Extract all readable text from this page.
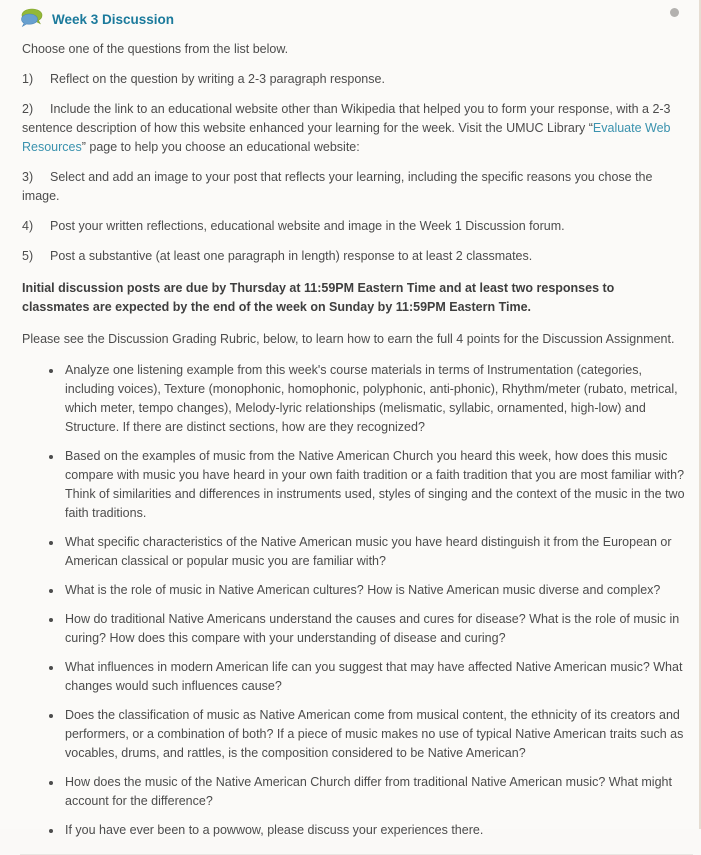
Week 3 Discussion

Choose one of the questions from the list below.

1) Reflect on the question by writing a 2-3 paragraph response.

2) Include the link to an educational website other than Wikipedia that helped you to form your response, with a 2-3 sentence description of how this website enhanced your learning for the week. Visit the UMUC Library “Evaluate Web Resources” page to help you choose an educational website:

3) Select and add an image to your post that reflects your learning, including the specific reasons you chose the image.

4) Post your written reflections, educational website and image in the Week 1 Discussion forum.

5) Post a substantive (at least one paragraph in length) response to at least 2 classmates.

Initial discussion posts are due by Thursday at 11:59PM Eastern Time and at least two responses to classmates are expected by the end of the week on Sunday by 11:59PM Eastern Time.

Please see the Discussion Grading Rubric, below, to learn how to earn the full 4 points for the Discussion Assignment.

• Analyze one listening example from this week's course materials in terms of Instrumentation (categories, including voices), Texture (monophonic, homophonic, polyphonic, anti-phonic), Rhythm/meter (rubato, metrical, which meter, tempo changes), Melody-lyric relationships (melismatic, syllabic, ornamented, high-low) and Structure. If there are distinct sections, how are they recognized?
• Based on the examples of music from the Native American Church you heard this week, how does this music compare with music you have heard in your own faith tradition or a faith tradition that you are most familiar with? Think of similarities and differences in instruments used, styles of singing and the context of the music in the two faith traditions.
• What specific characteristics of the Native American music you have heard distinguish it from the European or American classical or popular music you are familiar with?
• What is the role of music in Native American cultures? How is Native American music diverse and complex?
• How do traditional Native Americans understand the causes and cures for disease? What is the role of music in curing? How does this compare with your understanding of disease and curing?
• What influences in modern American life can you suggest that may have affected Native American music? What changes would such influences cause?
• Does the classification of music as Native American come from musical content, the ethnicity of its creators and performers, or a combination of both? If a piece of music makes no use of typical Native American traits such as vocables, drums, and rattles, is the composition considered to be Native American?
• How does the music of the Native American Church differ from traditional Native American music? What might account for the difference?
• If you have ever been to a powwow, please discuss your experiences there.
